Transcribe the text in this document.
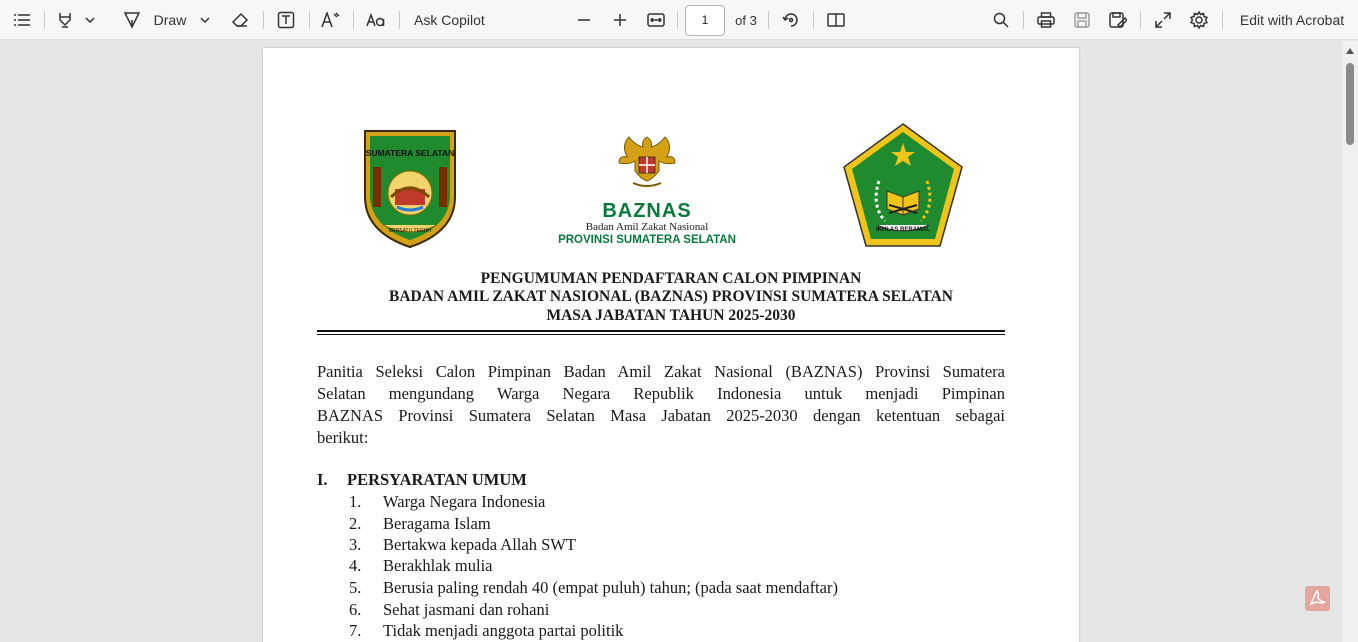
Draw	Ask Copilot	1	of 3	Edit with Acrobat
SUMATERA SELATAN
BERSATU TEGUH
BAZNAS
Badan Amil Zakat Nasional
PROVINSI SUMATERA SELATAN
IKHLAS BERAMAL
PENGUMUMAN PENDAFTARAN CALON PIMPINAN
BADAN AMIL ZAKAT NASIONAL (BAZNAS) PROVINSI SUMATERA SELATAN
MASA JABATAN TAHUN 2025-2030
Panitia Seleksi Calon Pimpinan Badan Amil Zakat Nasional (BAZNAS) Provinsi Sumatera
Selatan mengundang Warga Negara Republik Indonesia untuk menjadi Pimpinan
BAZNAS Provinsi Sumatera Selatan Masa Jabatan 2025-2030 dengan ketentuan sebagai
berikut:
I. PERSYARATAN UMUM
1. Warga Negara Indonesia
2. Beragama Islam
3. Bertakwa kepada Allah SWT
4. Berakhlak mulia
5. Berusia paling rendah 40 (empat puluh) tahun; (pada saat mendaftar)
6. Sehat jasmani dan rohani
7. Tidak menjadi anggota partai politik
